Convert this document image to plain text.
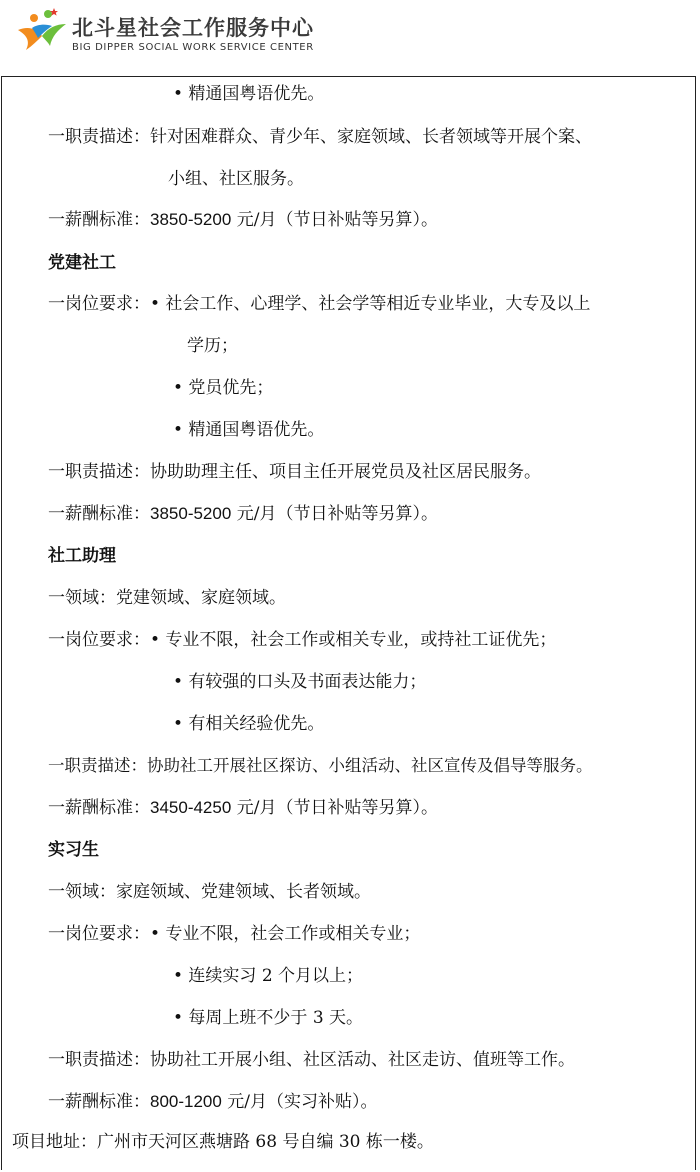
北斗星社会工作服务中心
BIG DIPPER SOCIAL WORK SERVICE CENTER
• 精通国粤语优先。
一职责描述：针对困难群众、青少年、家庭领域、长者领域等开展个案、
小组、社区服务。
一薪酬标准：3850-5200 元/月（节日补贴等另算）。
党建社工
一岗位要求：• 社会工作、心理学、社会学等相近专业毕业，大专及以上
学历；
• 党员优先；
• 精通国粤语优先。
一职责描述：协助助理主任、项目主任开展党员及社区居民服务。
一薪酬标准：3850-5200 元/月（节日补贴等另算）。
社工助理
一领域：党建领域、家庭领域。
一岗位要求：• 专业不限，社会工作或相关专业，或持社工证优先；
• 有较强的口头及书面表达能力；
• 有相关经验优先。
一职责描述：协助社工开展社区探访、小组活动、社区宣传及倡导等服务。
一薪酬标准：3450-4250 元/月（节日补贴等另算）。
实习生
一领域：家庭领域、党建领域、长者领域。
一岗位要求：• 专业不限，社会工作或相关专业；
• 连续实习 2 个月以上；
• 每周上班不少于 3 天。
一职责描述：协助社工开展小组、社区活动、社区走访、值班等工作。
一薪酬标准：800-1200 元/月（实习补贴）。
项目地址：广州市天河区燕塘路 68 号自编 30 栋一楼。
